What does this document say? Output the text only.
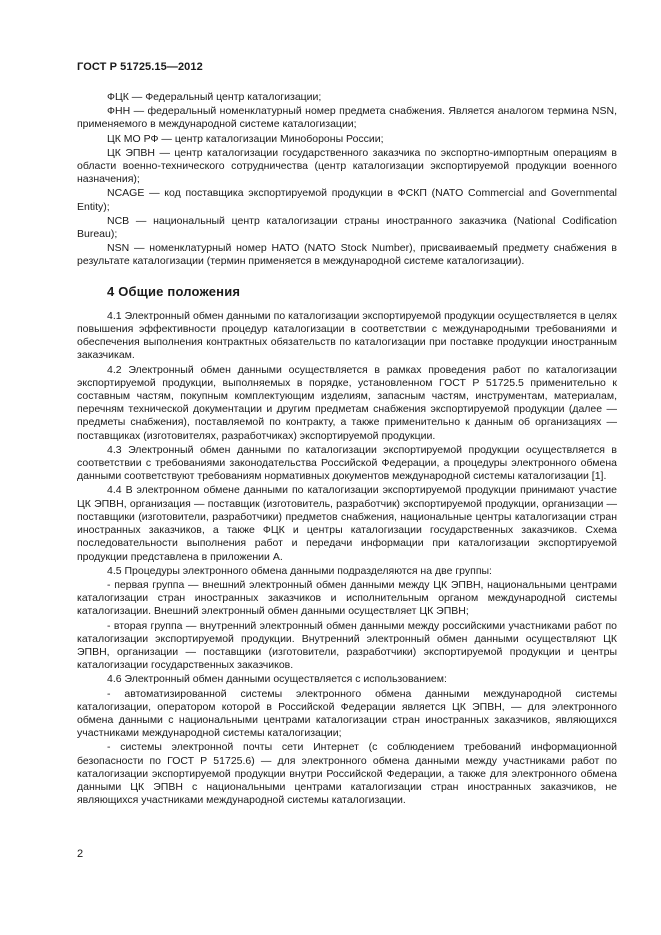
ГОСТ Р 51725.15—2012

ФЦК — Федеральный центр каталогизации;

ФНН — федеральный номенклатурный номер предмета снабжения. Является аналогом термина NSN, применяемого в международной системе каталогизации;

ЦК МО РФ — центр каталогизации Минобороны России;

ЦК ЭПВН — центр каталогизации государственного заказчика по экспортно-импортным операциям в области военно-технического сотрудничества (центр каталогизации экспортируемой продукции военного назначения);

NCAGE — код поставщика экспортируемой продукции в ФСКП (NATO Commercial and Governmental Entity);

NCB — национальный центр каталогизации страны иностранного заказчика (National Codification Bureau);

NSN — номенклатурный номер НАТО (NATO Stock Number), присваиваемый предмету снабжения в результате каталогизации (термин применяется в международной системе каталогизации).

4 Общие положения

4.1 Электронный обмен данными по каталогизации экспортируемой продукции осуществляется в целях повышения эффективности процедур каталогизации в соответствии с международными требованиями и обеспечения выполнения контрактных обязательств по каталогизации при поставке продукции иностранным заказчикам.

4.2 Электронный обмен данными осуществляется в рамках проведения работ по каталогизации экспортируемой продукции, выполняемых в порядке, установленном ГОСТ Р 51725.5 применительно к составным частям, покупным комплектующим изделиям, запасным частям, инструментам, материалам, перечням технической документации и другим предметам снабжения экспортируемой продукции (далее — предметы снабжения), поставляемой по контракту, а также применительно к данным об организациях — поставщиках (изготовителях, разработчиках) экспортируемой продукции.

4.3 Электронный обмен данными по каталогизации экспортируемой продукции осуществляется в соответствии с требованиями законодательства Российской Федерации, а процедуры электронного обмена данными соответствуют требованиям нормативных документов международной системы каталогизации [1].

4.4 В электронном обмене данными по каталогизации экспортируемой продукции принимают участие ЦК ЭПВН, организация — поставщик (изготовитель, разработчик) экспортируемой продукции, организации —поставщики (изготовители, разработчики) предметов снабжения, национальные центры каталогизации стран иностранных заказчиков, а также ФЦК и центры каталогизации государственных заказчиков. Схема последовательности выполнения работ и передачи информации при каталогизации экспортируемой продукции представлена в приложении А.

4.5 Процедуры электронного обмена данными подразделяются на две группы:

- первая группа — внешний электронный обмен данными между ЦК ЭПВН, национальными центрами каталогизации стран иностранных заказчиков и исполнительным органом международной системы каталогизации. Внешний электронный обмен данными осуществляет ЦК ЭПВН;

- вторая группа — внутренний электронный обмен данными между российскими участниками работ по каталогизации экспортируемой продукции. Внутренний электронный обмен данными осуществляют ЦК ЭПВН, организации — поставщики (изготовители, разработчики) экспортируемой продукции и центры каталогизации государственных заказчиков.

4.6 Электронный обмен данными осуществляется с использованием:

- автоматизированной системы электронного обмена данными международной системы каталогизации, оператором которой в Российской Федерации является ЦК ЭПВН, — для электронного обмена данными с национальными центрами каталогизации стран иностранных заказчиков, являющихся участниками международной системы каталогизации;

- системы электронной почты сети Интернет (с соблюдением требований информационной безопасности по ГОСТ Р 51725.6) — для электронного обмена данными между участниками работ по каталогизации экспортируемой продукции внутри Российской Федерации, а также для электронного обмена данными ЦК ЭПВН с национальными центрами каталогизации стран иностранных заказчиков, не являющихся участниками международной системы каталогизации.

2
